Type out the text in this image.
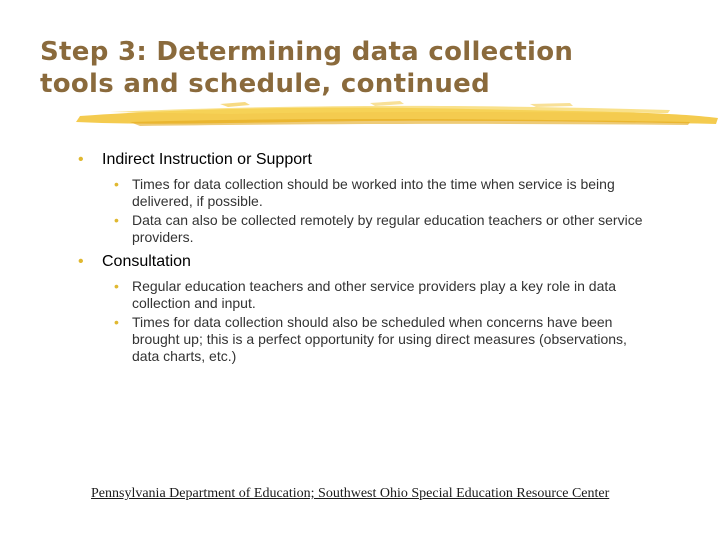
Step 3: Determining data collection
tools and schedule, continued
• Indirect Instruction or Support
• Times for data collection should be worked into the time when service is being delivered, if possible.
• Data can also be collected remotely by regular education teachers or other service providers.
• Consultation
• Regular education teachers and other service providers play a key role in data collection and input.
• Times for data collection should also be scheduled when concerns have been brought up; this is a perfect opportunity for using direct measures (observations, data charts, etc.)
Pennsylvania Department of Education; Southwest Ohio Special Education Resource Center
